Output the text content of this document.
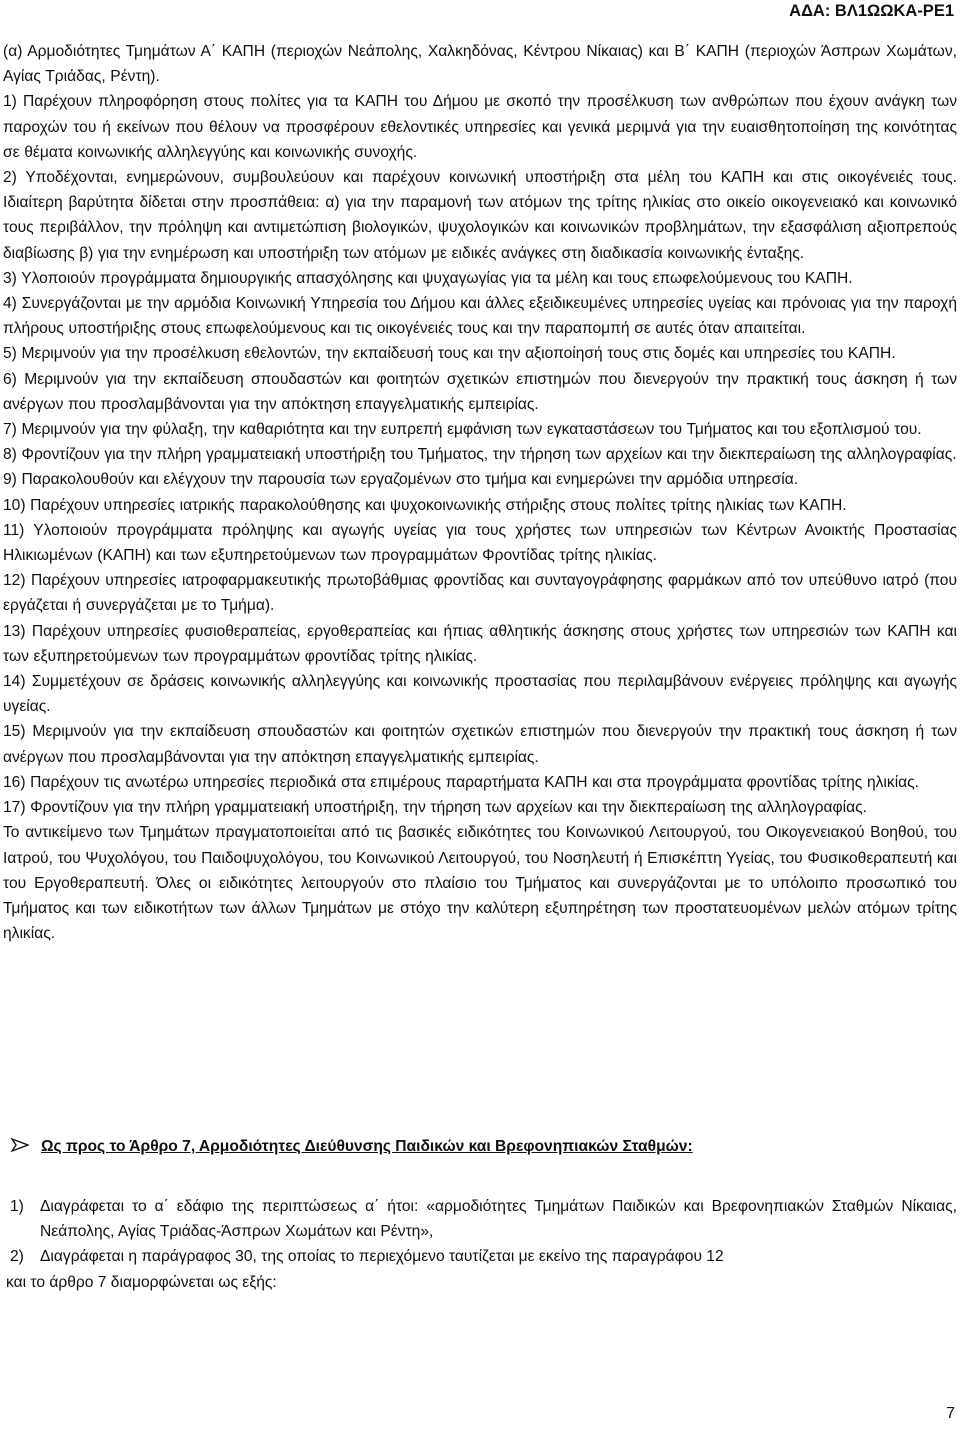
ΑΔΑ: ΒΛ1ΩΩΚΑ-ΡΕ1

(α) Αρμοδιότητες Τμημάτων Α΄ ΚΑΠΗ (περιοχών Νεάπολης, Χαλκηδόνας, Κέντρου Νίκαιας) και Β΄ ΚΑΠΗ (περιοχών Άσπρων Χωμάτων, Αγίας Τριάδας, Ρέντη).

1) Παρέχουν πληροφόρηση στους πολίτες για τα ΚΑΠΗ του Δήμου με σκοπό την προσέλκυση των ανθρώπων που έχουν ανάγκη των παροχών του ή εκείνων που θέλουν να προσφέρουν εθελοντικές υπηρεσίες και γενικά μεριμνά για την ευαισθητοποίηση της κοινότητας σε θέματα κοινωνικής αλληλεγγύης και κοινωνικής συνοχής.

2) Υποδέχονται, ενημερώνουν, συμβουλεύουν και παρέχουν κοινωνική υποστήριξη στα μέλη του ΚΑΠΗ και στις οικογένειές τους. Ιδιαίτερη βαρύτητα δίδεται στην προσπάθεια: α) για την παραμονή των ατόμων της τρίτης ηλικίας στο οικείο οικογενειακό και κοινωνικό τους περιβάλλον, την πρόληψη και αντιμετώπιση βιολογικών, ψυχολογικών και κοινωνικών προβλημάτων, την εξασφάλιση αξιοπρεπούς διαβίωσης β) για την ενημέρωση και υποστήριξη των ατόμων με ειδικές ανάγκες στη διαδικασία κοινωνικής ένταξης.

3) Υλοποιούν προγράμματα δημιουργικής απασχόλησης και ψυχαγωγίας για τα μέλη και τους επωφελούμενους του ΚΑΠΗ.

4) Συνεργάζονται με την αρμόδια Κοινωνική Υπηρεσία του Δήμου και άλλες εξειδικευμένες υπηρεσίες υγείας και πρόνοιας για την παροχή πλήρους υποστήριξης στους επωφελούμενους και τις οικογένειές τους και την παραπομπή σε αυτές όταν απαιτείται.

5) Μεριμνούν για την προσέλκυση εθελοντών, την εκπαίδευσή τους και την αξιοποίησή τους στις δομές και υπηρεσίες του ΚΑΠΗ.

6) Μεριμνούν για την εκπαίδευση σπουδαστών και φοιτητών σχετικών επιστημών που διενεργούν την πρακτική τους άσκηση ή των ανέργων που προσλαμβάνονται για την απόκτηση επαγγελματικής εμπειρίας.

7) Μεριμνούν για την φύλαξη, την καθαριότητα και την ευπρεπή εμφάνιση των εγκαταστάσεων του Τμήματος και του εξοπλισμού του.

8) Φροντίζουν για την πλήρη γραμματειακή υποστήριξη του Τμήματος, την τήρηση των αρχείων και την διεκπεραίωση της αλληλογραφίας.

9) Παρακολουθούν και ελέγχουν την παρουσία των εργαζομένων στο τμήμα και ενημερώνει την αρμόδια υπηρεσία.

10) Παρέχουν υπηρεσίες ιατρικής παρακολούθησης και ψυχοκοινωνικής στήριξης στους πολίτες τρίτης ηλικίας των ΚΑΠΗ.

11) Υλοποιούν προγράμματα πρόληψης και αγωγής υγείας για τους χρήστες των υπηρεσιών των Κέντρων Ανοικτής Προστασίας Ηλικιωμένων (ΚΑΠΗ) και των εξυπηρετούμενων των προγραμμάτων Φροντίδας τρίτης ηλικίας.

12) Παρέχουν υπηρεσίες ιατροφαρμακευτικής πρωτοβάθμιας φροντίδας και συνταγογράφησης φαρμάκων από τον υπεύθυνο ιατρό (που εργάζεται ή συνεργάζεται με το Τμήμα).

13) Παρέχουν υπηρεσίες φυσιοθεραπείας, εργοθεραπείας και ήπιας αθλητικής άσκησης στους χρήστες των υπηρεσιών των ΚΑΠΗ και των εξυπηρετούμενων των προγραμμάτων φροντίδας τρίτης ηλικίας.

14) Συμμετέχουν σε δράσεις κοινωνικής αλληλεγγύης και κοινωνικής προστασίας που περιλαμβάνουν ενέργειες πρόληψης και αγωγής υγείας.

15) Μεριμνούν για την εκπαίδευση σπουδαστών και φοιτητών σχετικών επιστημών που διενεργούν την πρακτική τους άσκηση ή των ανέργων που προσλαμβάνονται για την απόκτηση επαγγελματικής εμπειρίας.

16) Παρέχουν τις ανωτέρω υπηρεσίες περιοδικά στα επιμέρους παραρτήματα ΚΑΠΗ και στα προγράμματα φροντίδας τρίτης ηλικίας.

17) Φροντίζουν για την πλήρη γραμματειακή υποστήριξη, την τήρηση των αρχείων και την διεκπεραίωση της αλληλογραφίας.

Το αντικείμενο των Τμημάτων πραγματοποιείται από τις βασικές ειδικότητες του Κοινωνικού Λειτουργού, του Οικογενειακού Βοηθού, του Ιατρού, του Ψυχολόγου, του Παιδοψυχολόγου, του Κοινωνικού Λειτουργού, του Νοσηλευτή ή Επισκέπτη Υγείας, του Φυσικοθεραπευτή και του Εργοθεραπευτή. Όλες οι ειδικότητες λειτουργούν στο πλαίσιο του Τμήματος και συνεργάζονται με το υπόλοιπο προσωπικό του Τμήματος και των ειδικοτήτων των άλλων Τμημάτων με στόχο την καλύτερη εξυπηρέτηση των προστατευομένων μελών ατόμων τρίτης ηλικίας.

Ως προς το Άρθρο 7, Αρμοδιότητες Διεύθυνσης Παιδικών και Βρεφονηπιακών Σταθμών:
1) Διαγράφεται το α΄ εδάφιο της περιπτώσεως α΄ ήτοι: «αρμοδιότητες Τμημάτων Παιδικών και Βρεφονηπιακών Σταθμών Νίκαιας, Νεάπολης, Αγίας Τριάδας-Άσπρων Χωμάτων και Ρέντη»,
2) Διαγράφεται η παράγραφος 30, της οποίας το περιεχόμενο ταυτίζεται με εκείνο της παραγράφου 12
και το άρθρο 7 διαμορφώνεται ως εξής:
7
